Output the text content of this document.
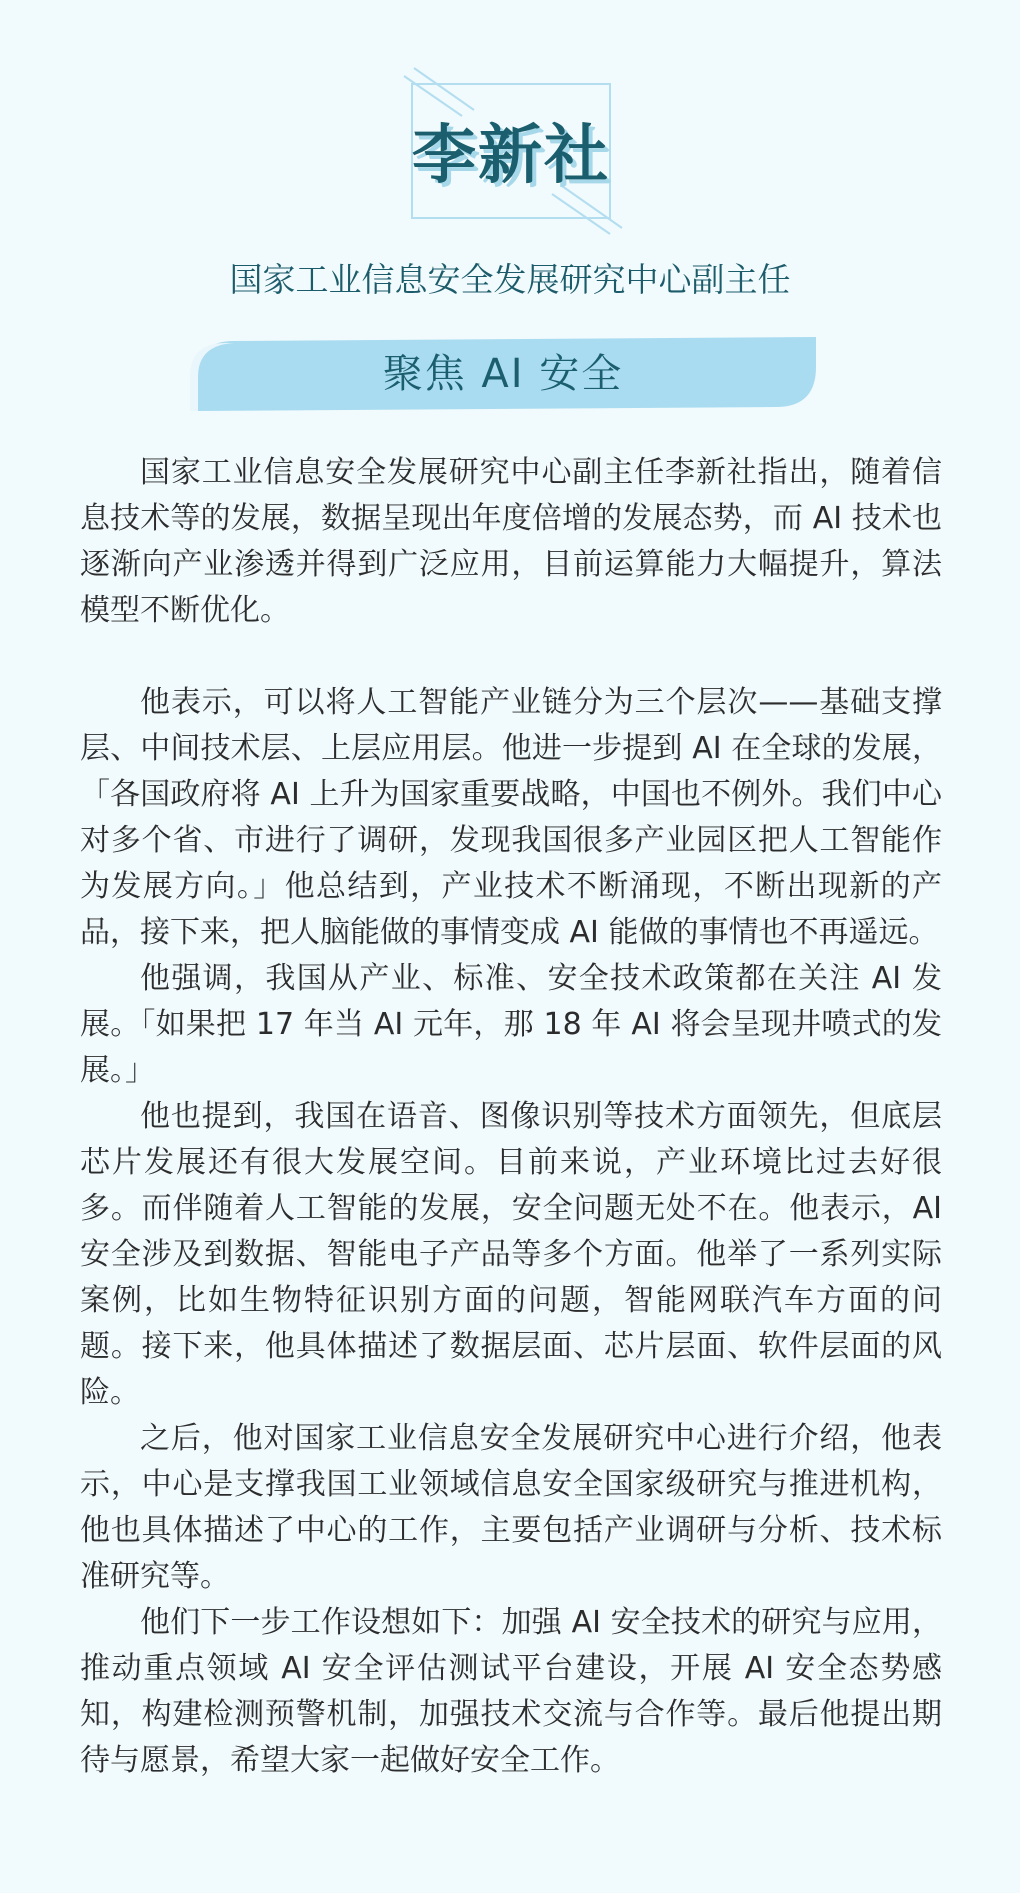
李新社

国家工业信息安全发展研究中心副主任

聚焦 AI 安全

国家工业信息安全发展研究中心副主任李新社指出，随着信息技术等的发展，数据呈现出年度倍增的发展态势，而 AI 技术也逐渐向产业渗透并得到广泛应用，目前运算能力大幅提升，算法模型不断优化。

他表示，可以将人工智能产业链分为三个层次——基础支撑层、中间技术层、上层应用层。他进一步提到 AI 在全球的发展，「各国政府将 AI 上升为国家重要战略，中国也不例外。我们中心对多个省、市进行了调研，发现我国很多产业园区把人工智能作为发展方向。」他总结到，产业技术不断涌现，不断出现新的产品，接下来，把人脑能做的事情变成 AI 能做的事情也不再遥远。

他强调，我国从产业、标准、安全技术政策都在关注 AI 发展。「如果把 17 年当 AI 元年，那 18 年 AI 将会呈现井喷式的发展。」

他也提到，我国在语音、图像识别等技术方面领先，但底层芯片发展还有很大发展空间。目前来说，产业环境比过去好很多。而伴随着人工智能的发展，安全问题无处不在。他表示，AI 安全涉及到数据、智能电子产品等多个方面。他举了一系列实际案例，比如生物特征识别方面的问题，智能网联汽车方面的问题。接下来，他具体描述了数据层面、芯片层面、软件层面的风险。

之后，他对国家工业信息安全发展研究中心进行介绍，他表示，中心是支撑我国工业领域信息安全国家级研究与推进机构，他也具体描述了中心的工作，主要包括产业调研与分析、技术标准研究等。

他们下一步工作设想如下：加强 AI 安全技术的研究与应用，推动重点领域 AI 安全评估测试平台建设，开展 AI 安全态势感知，构建检测预警机制，加强技术交流与合作等。最后他提出期待与愿景，希望大家一起做好安全工作。
